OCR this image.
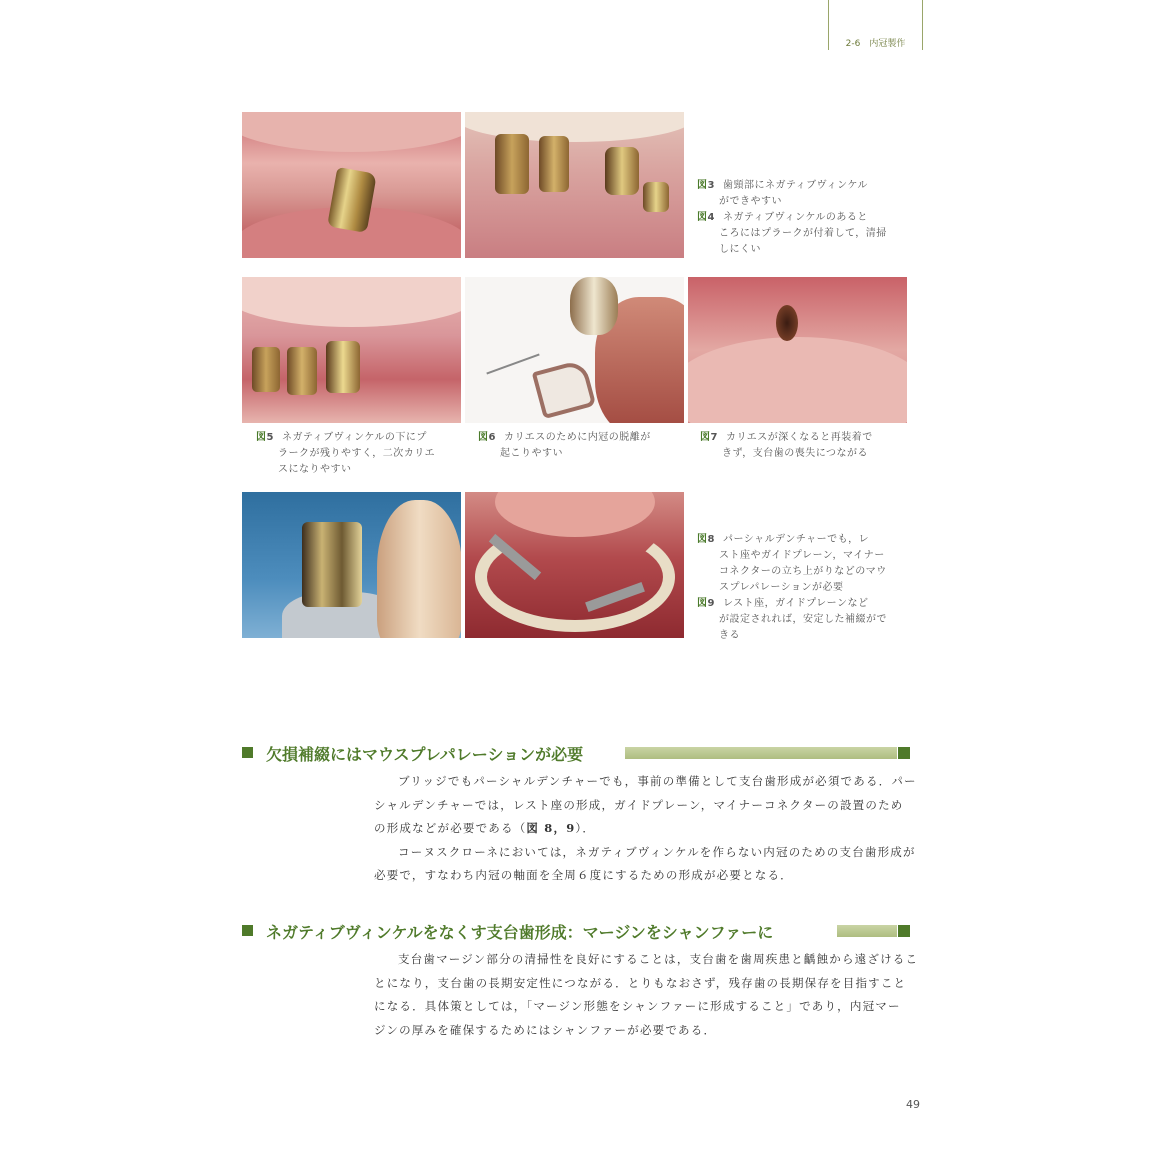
2-6　内冠製作
図3 歯頸部にネガティブヴィンケル
ができやすい
図4 ネガティブヴィンケルのあると
ころにはプラークが付着して，清掃
しにくい
図5 ネガティブヴィンケルの下にプ
ラークが残りやすく，二次カリエ
スになりやすい
図6 カリエスのために内冠の脱離が
起こりやすい
図7 カリエスが深くなると再装着で
きず，支台歯の喪失につながる
図8 パーシャルデンチャーでも，レ
スト座やガイドプレーン，マイナー
コネクターの立ち上がりなどのマウ
スプレパレーションが必要
図9 レスト座，ガイドプレーンなど
が設定されれば，安定した補綴がで
きる
欠損補綴にはマウスプレパレーションが必要
ブリッジでもパーシャルデンチャーでも，事前の準備として支台歯形成が必須である．パー
シャルデンチャーでは，レスト座の形成，ガイドプレーン，マイナーコネクターの設置のため
の形成などが必要である（図 8，9）．
コーヌスクローネにおいては，ネガティブヴィンケルを作らない内冠のための支台歯形成が
必要で，すなわち内冠の軸面を全周６度にするための形成が必要となる．
ネガティブヴィンケルをなくす支台歯形成：マージンをシャンファーに
支台歯マージン部分の清掃性を良好にすることは，支台歯を歯周疾患と齲蝕から遠ざけるこ
とになり，支台歯の長期安定性につながる．とりもなおさず，残存歯の長期保存を目指すこと
になる．具体策としては，「マージン形態をシャンファーに形成すること」であり，内冠マー
ジンの厚みを確保するためにはシャンファーが必要である．
49
